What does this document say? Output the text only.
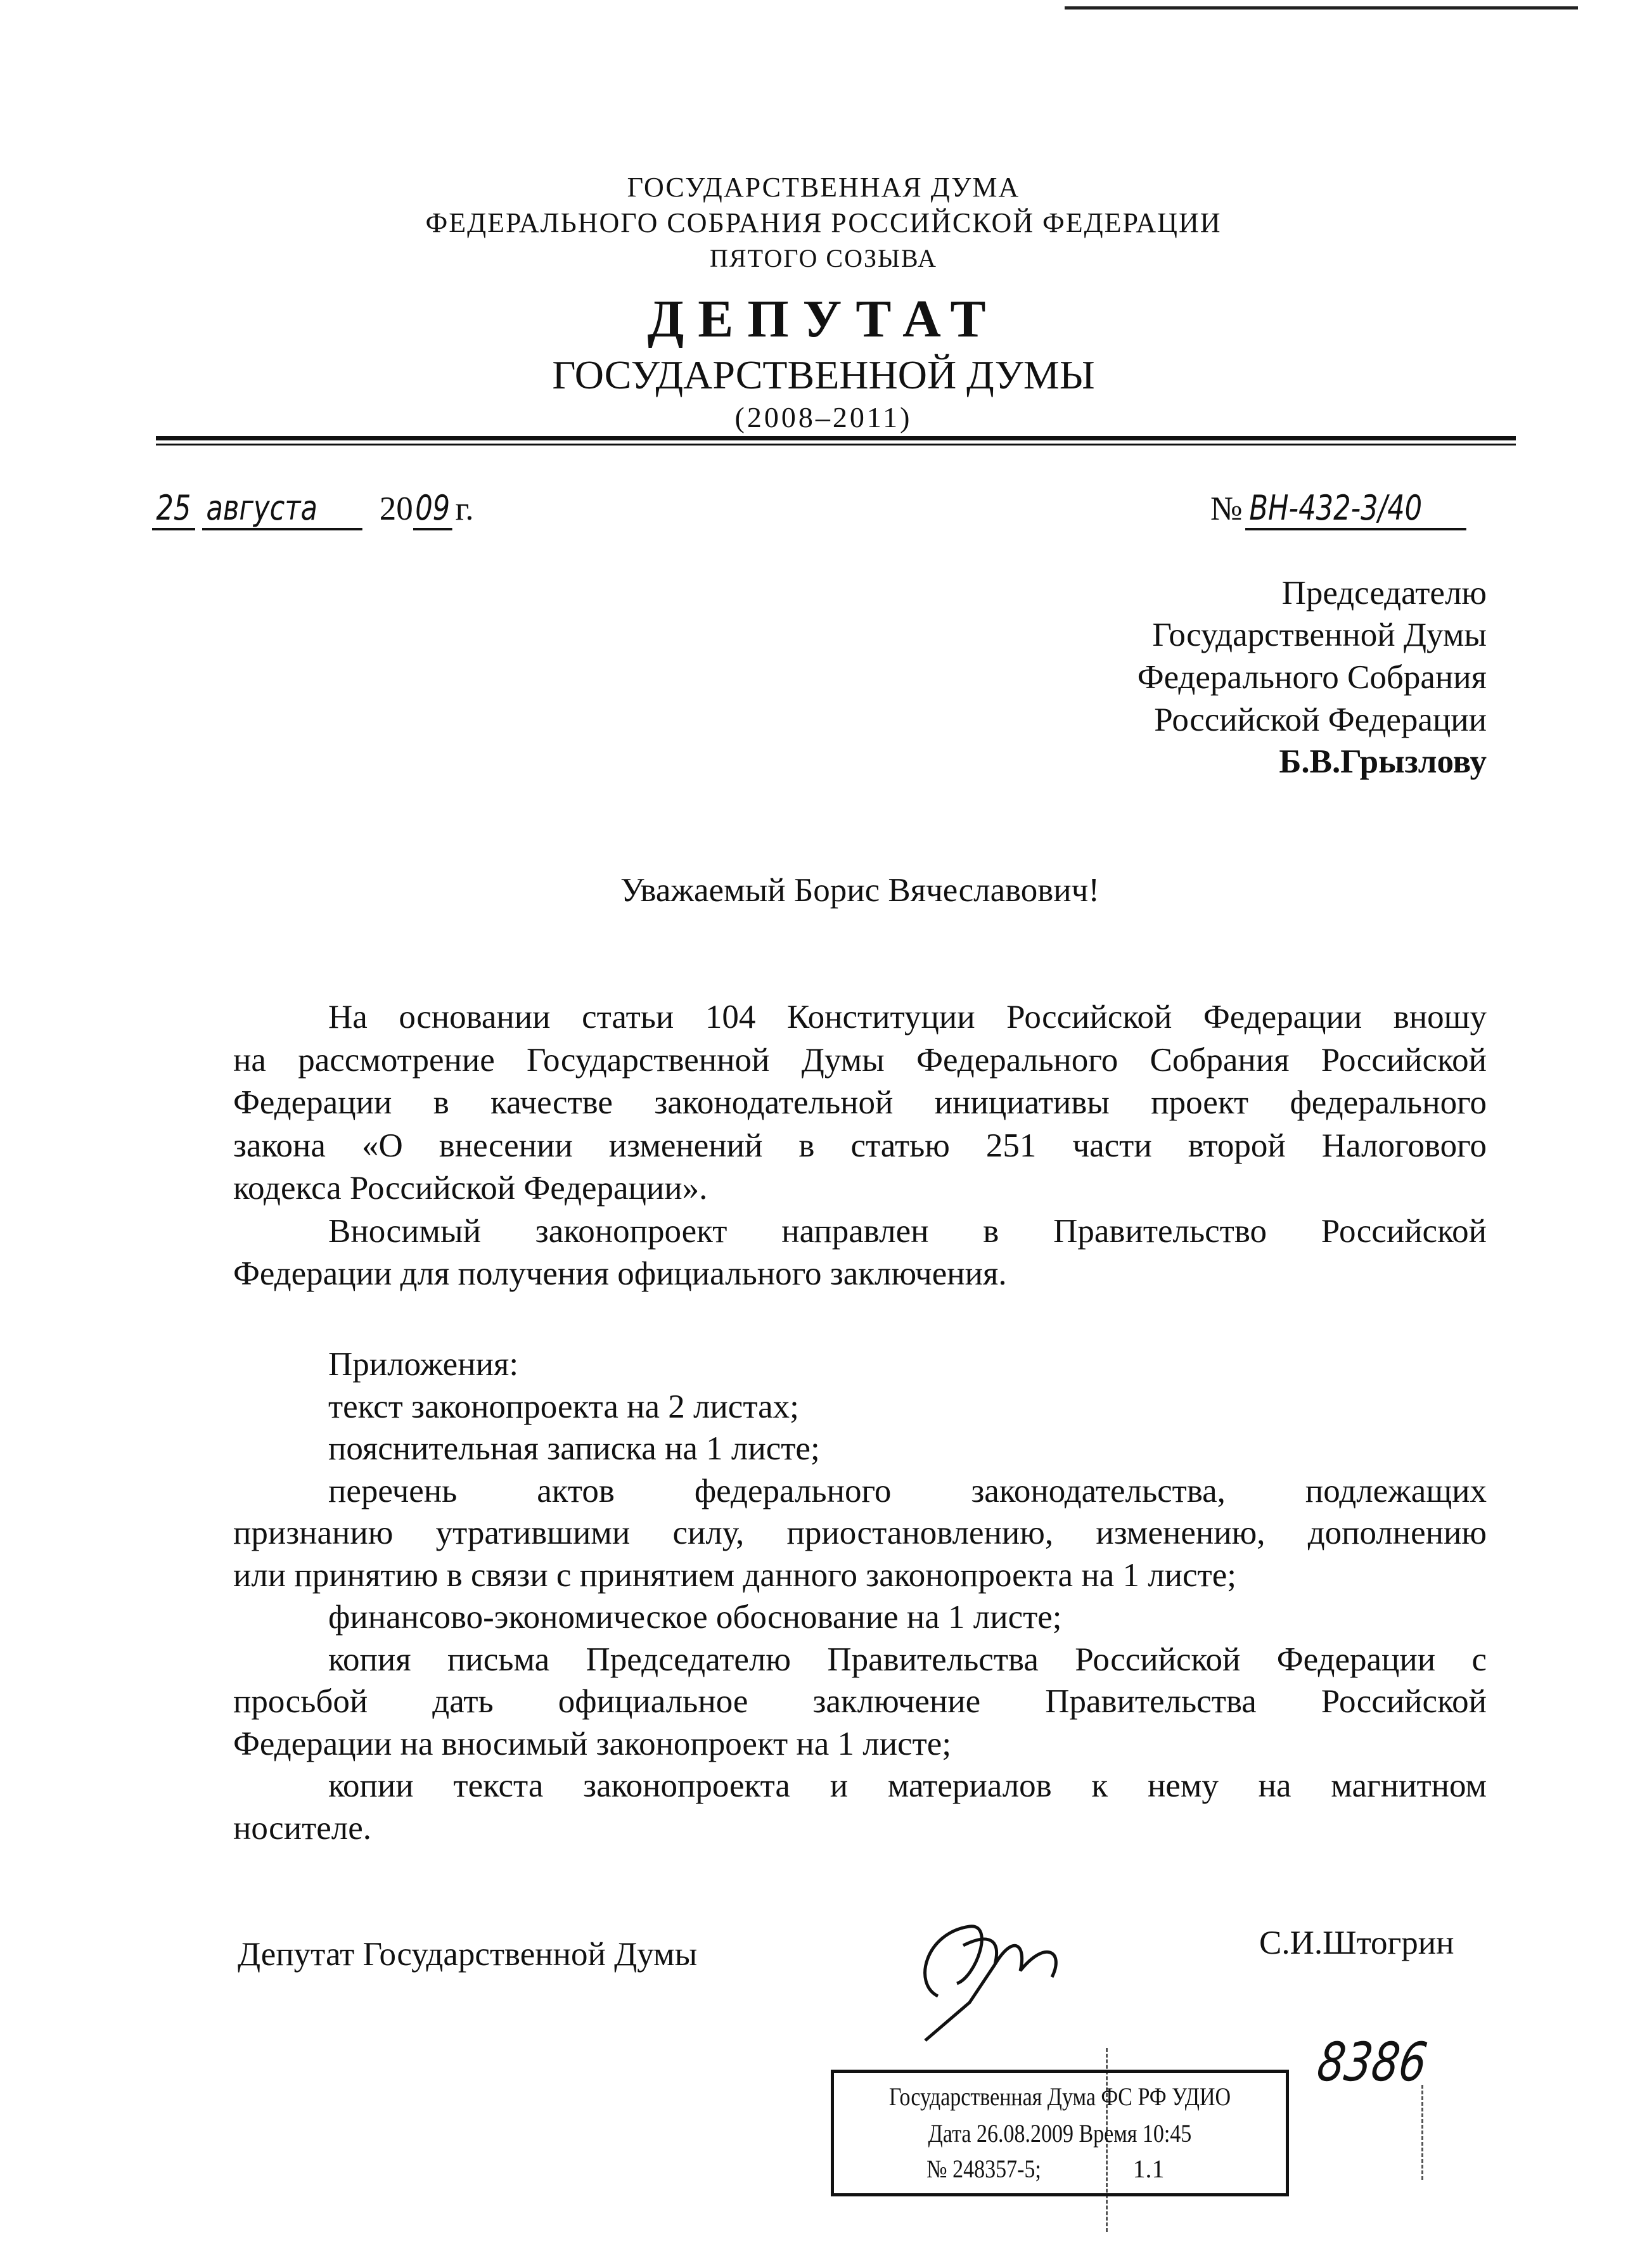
ГОСУДАРСТВЕННАЯ ДУМА
ФЕДЕРАЛЬНОГО СОБРАНИЯ РОССИЙСКОЙ ФЕДЕРАЦИИ
ПЯТОГО СОЗЫВА
ДЕПУТАТ
ГОСУДАРСТВЕННОЙ ДУМЫ
(2008–2011)
25 августа 2009 г.	№ ВН-432-3/40
Председателю
Государственной Думы
Федерального Собрания
Российской Федерации
Б.В.Грызлову
Уважаемый Борис Вячеславович!
На основании статьи 104 Конституции Российской Федерации вношу
на рассмотрение Государственной Думы Федерального Собрания Российской
Федерации в качестве законодательной инициативы проект федерального
закона «О внесении изменений в статью 251 части второй Налогового
кодекса Российской Федерации».
Вносимый законопроект направлен в Правительство Российской
Федерации для получения официального заключения.
Приложения:
текст законопроекта на 2 листах;
пояснительная записка на 1 листе;
перечень актов федерального законодательства, подлежащих
признанию утратившими силу, приостановлению, изменению, дополнению
или принятию в связи с принятием данного законопроекта на 1 листе;
финансово-экономическое обоснование на 1 листе;
копия письма Председателю Правительства Российской Федерации с
просьбой дать официальное заключение Правительства Российской
Федерации на вносимый законопроект на 1 листе;
копии текста законопроекта и материалов к нему на магнитном
носителе.
Депутат Государственной Думы	С.И.Штогрин
Государственная Дума ФС РФ УДИО
Дата 26.08.2009 Время 10:45
№ 248357-5;	1.1
8386
